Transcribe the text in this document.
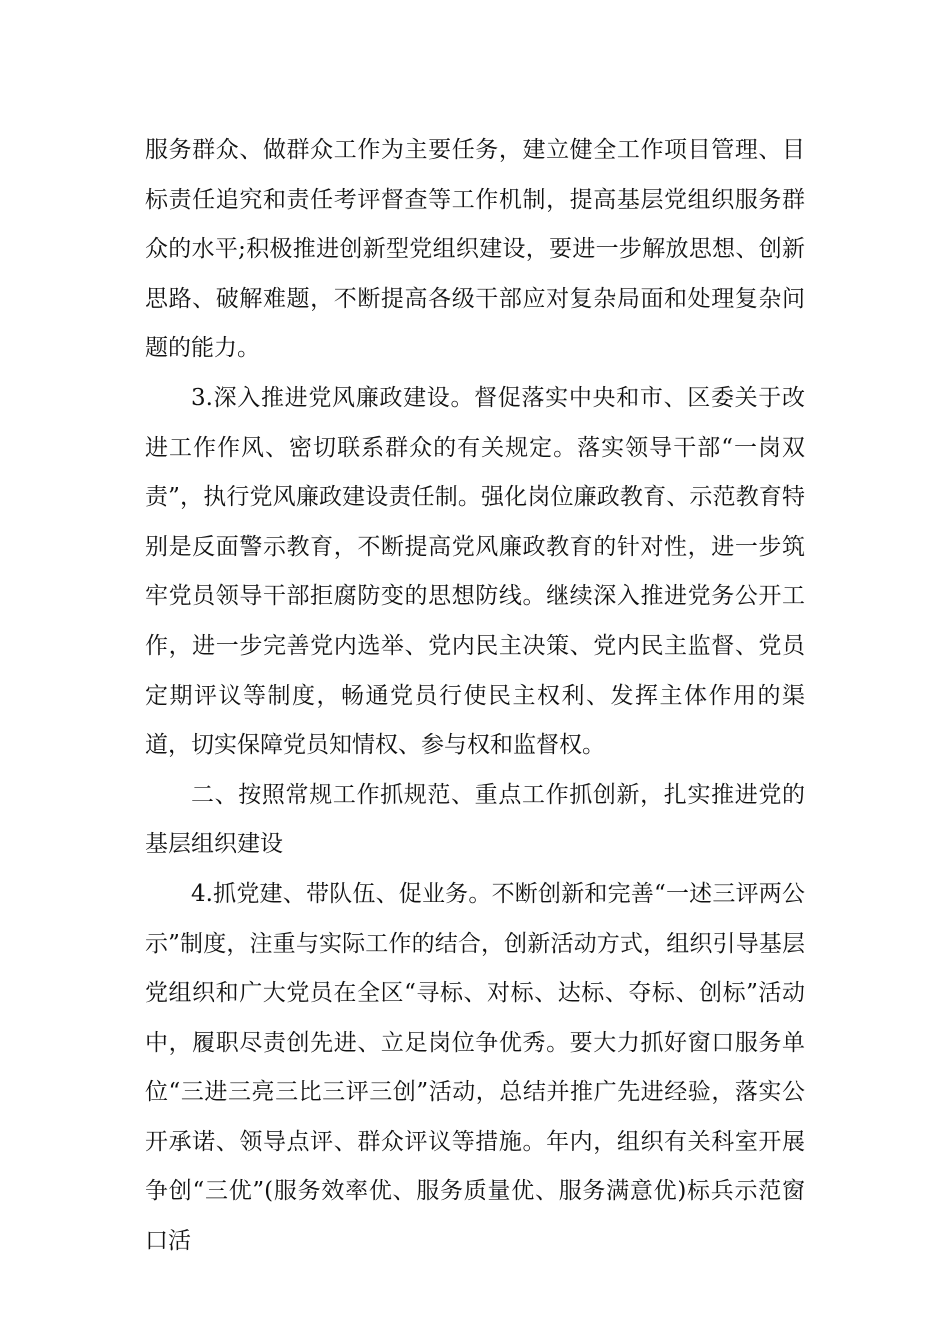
服务群众、做群众工作为主要任务，建立健全工作项目管理、目标责任追究和责任考评督查等工作机制，提高基层党组织服务群众的水平;积极推进创新型党组织建设，要进一步解放思想、创新思路、破解难题，不断提高各级干部应对复杂局面和处理复杂问题的能力。

3.深入推进党风廉政建设。督促落实中央和市、区委关于改进工作作风、密切联系群众的有关规定。落实领导干部“一岗双责”，执行党风廉政建设责任制。强化岗位廉政教育、示范教育特别是反面警示教育，不断提高党风廉政教育的针对性，进一步筑牢党员领导干部拒腐防变的思想防线。继续深入推进党务公开工作，进一步完善党内选举、党内民主决策、党内民主监督、党员定期评议等制度，畅通党员行使民主权利、发挥主体作用的渠道，切实保障党员知情权、参与权和监督权。

二、按照常规工作抓规范、重点工作抓创新，扎实推进党的基层组织建设

4.抓党建、带队伍、促业务。不断创新和完善“一述三评两公示”制度，注重与实际工作的结合，创新活动方式，组织引导基层党组织和广大党员在全区“寻标、对标、达标、夺标、创标”活动中，履职尽责创先进、立足岗位争优秀。要大力抓好窗口服务单位“三进三亮三比三评三创”活动，总结并推广先进经验，落实公开承诺、领导点评、群众评议等措施。年内，组织有关科室开展争创“三优”(服务效率优、服务质量优、服务满意优)标兵示范窗口活
